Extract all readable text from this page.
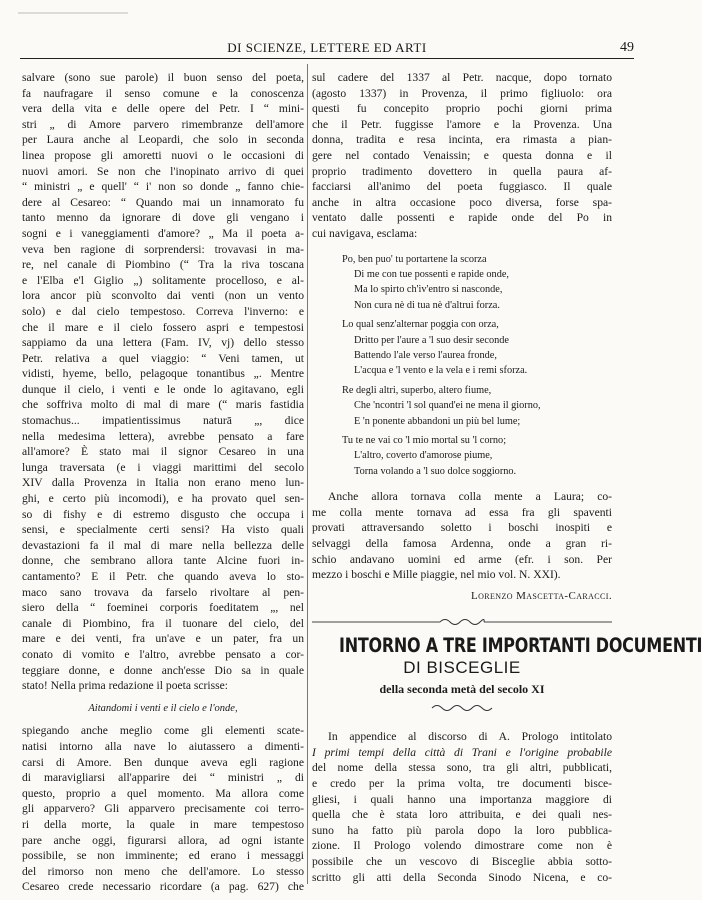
DI SCIENZE, LETTERE ED ARTI	49
salvare (sono sue parole) il buon senso del poeta,
fa naufragare il senso comune e la conoscenza
vera della vita e delle opere del Petr. I “ mini-
stri „ di Amore parvero rimembranze dell'amore
per Laura anche al Leopardi, che solo in seconda
linea propose gli amoretti nuovi o le occasioni di
nuovi amori. Se non che l'inopinato arrivo di quei
“ ministri „ e quell' “ i' non so donde „ fanno chie-
dere al Cesareo: “ Quando mai un innamorato fu
tanto menno da ignorare di dove gli vengano i
sogni e i vaneggiamenti d'amore? „ Ma il poeta a-
veva ben ragione di sorprendersi: trovavasi in ma-
re, nel canale di Piombino (“ Tra la riva toscana
e l'Elba e'l Giglio „) solitamente procelloso, e al-
lora ancor più sconvolto dai venti (non un vento
solo) e dal cielo tempestoso. Correva l'inverno: e
che il mare e il cielo fossero aspri e tempestosi
sappiamo da una lettera (Fam. IV, vj) dello stesso
Petr. relativa a quel viaggio: “ Veni tamen, ut
vidisti, hyeme, bello, pelagoque tonantibus „. Mentre
dunque il cielo, i venti e le onde lo agitavano, egli
che soffriva molto di mal di mare (“ maris fastidia
stomachus... impatientissimus naturā „, dice
nella medesima lettera), avrebbe pensato a fare
all'amore? È stato mai il signor Cesareo in una
lunga traversata (e i viaggi marittimi del secolo
XIV dalla Provenza in Italia non erano meno lun-
ghi, e certo più incomodi), e ha provato quel sen-
so di fishy e di estremo disgusto che occupa i
sensi, e specialmente certi sensi? Ha visto quali
devastazioni fa il mal di mare nella bellezza delle
donne, che sembrano allora tante Alcine fuori in-
cantamento? E il Petr. che quando aveva lo sto-
maco sano trovava da farselo rivoltare al pen-
siero della “ foeminei corporis foeditatem „, nel
canale di Piombino, fra il tuonare del cielo, del
mare e dei venti, fra un'ave e un pater, fra un
conato di vomito e l'altro, avrebbe pensato a cor-
teggiare donne, e donne anch'esse Dio sa in quale
stato! Nella prima redazione il poeta scrisse:
Aitandomi i venti e il cielo e l'onde,
spiegando anche meglio come gli elementi scate-
natisi intorno alla nave lo aiutassero a dimenti-
carsi di Amore. Ben dunque aveva egli ragione
di maravigliarsi all'apparire dei “ ministri „ di
questo, proprio a quel momento. Ma allora come
gli apparvero? Gli apparvero precisamente coi terro-
ri della morte, la quale in mare tempestoso
pare anche oggi, figurarsi allora, ad ogni istante
possibile, se non imminente; ed erano i messaggi
del rimorso non meno che dell'amore. Lo stesso
Cesareo crede necessario ricordare (a pag. 627) che
sul cadere del 1337 al Petr. nacque, dopo tornato
(agosto 1337) in Provenza, il primo figliuolo: ora
questi fu concepito proprio pochi giorni prima
che il Petr. fuggisse l'amore e la Provenza. Una
donna, tradita e resa incinta, era rimasta a pian-
gere nel contado Venaissin; e questa donna e il
proprio tradimento dovettero in quella paura af-
facciarsi all'animo del poeta fuggiasco. Il quale
anche in altra occasione poco diversa, forse spa-
ventato dalle possenti e rapide onde del Po in
cui navigava, esclama:
Po, ben puo' tu portartene la scorza
Di me con tue possenti e rapide onde,
Ma lo spirto ch'iv'entro si nasconde,
Non cura nè di tua nè d'altrui forza.
Lo qual senz'alternar poggia con orza,
Dritto per l'aure a 'l suo desir seconde
Battendo l'ale verso l'aurea fronde,
L'acqua e 'l vento e la vela e i remi sforza.
Re degli altri, superbo, altero fiume,
Che 'ncontri 'l sol quand'ei ne mena il giorno,
E 'n ponente abbandoni un più bel lume;
Tu te ne vai co 'l mio mortal su 'l corno;
L'altro, coverto d'amorose piume,
Torna volando a 'l suo dolce soggiorno.
Anche allora tornava colla mente a Laura; co-
me colla mente tornava ad essa fra gli spaventi
provati attraversando soletto i boschi inospiti e
selvaggi della famosa Ardenna, onde a gran ri-
schio andavano uomini ed arme (efr. i son. Per
mezzo i boschi e Mille piaggie, nel mio vol. N. XXI).
Lorenzo Mascetta-Caracci.
INTORNO A TRE IMPORTANTI DOCUMENTI
DI BISCEGLIE
della seconda metà del secolo XI
In appendice al discorso di A. Prologo intitolato
I primi tempi della città di Trani e l'origine probabile
del nome della stessa sono, tra gli altri, pubblicati,
e credo per la prima volta, tre documenti bisce-
gliesi, i quali hanno una importanza maggiore di
quella che è stata loro attribuita, e dei quali nes-
suno ha fatto più parola dopo la loro pubblica-
zione. Il Prologo volendo dimostrare come non è
possibile che un vescovo di Bisceglie abbia sotto-
scritto gli atti della Seconda Sinodo Nicena, e co-
